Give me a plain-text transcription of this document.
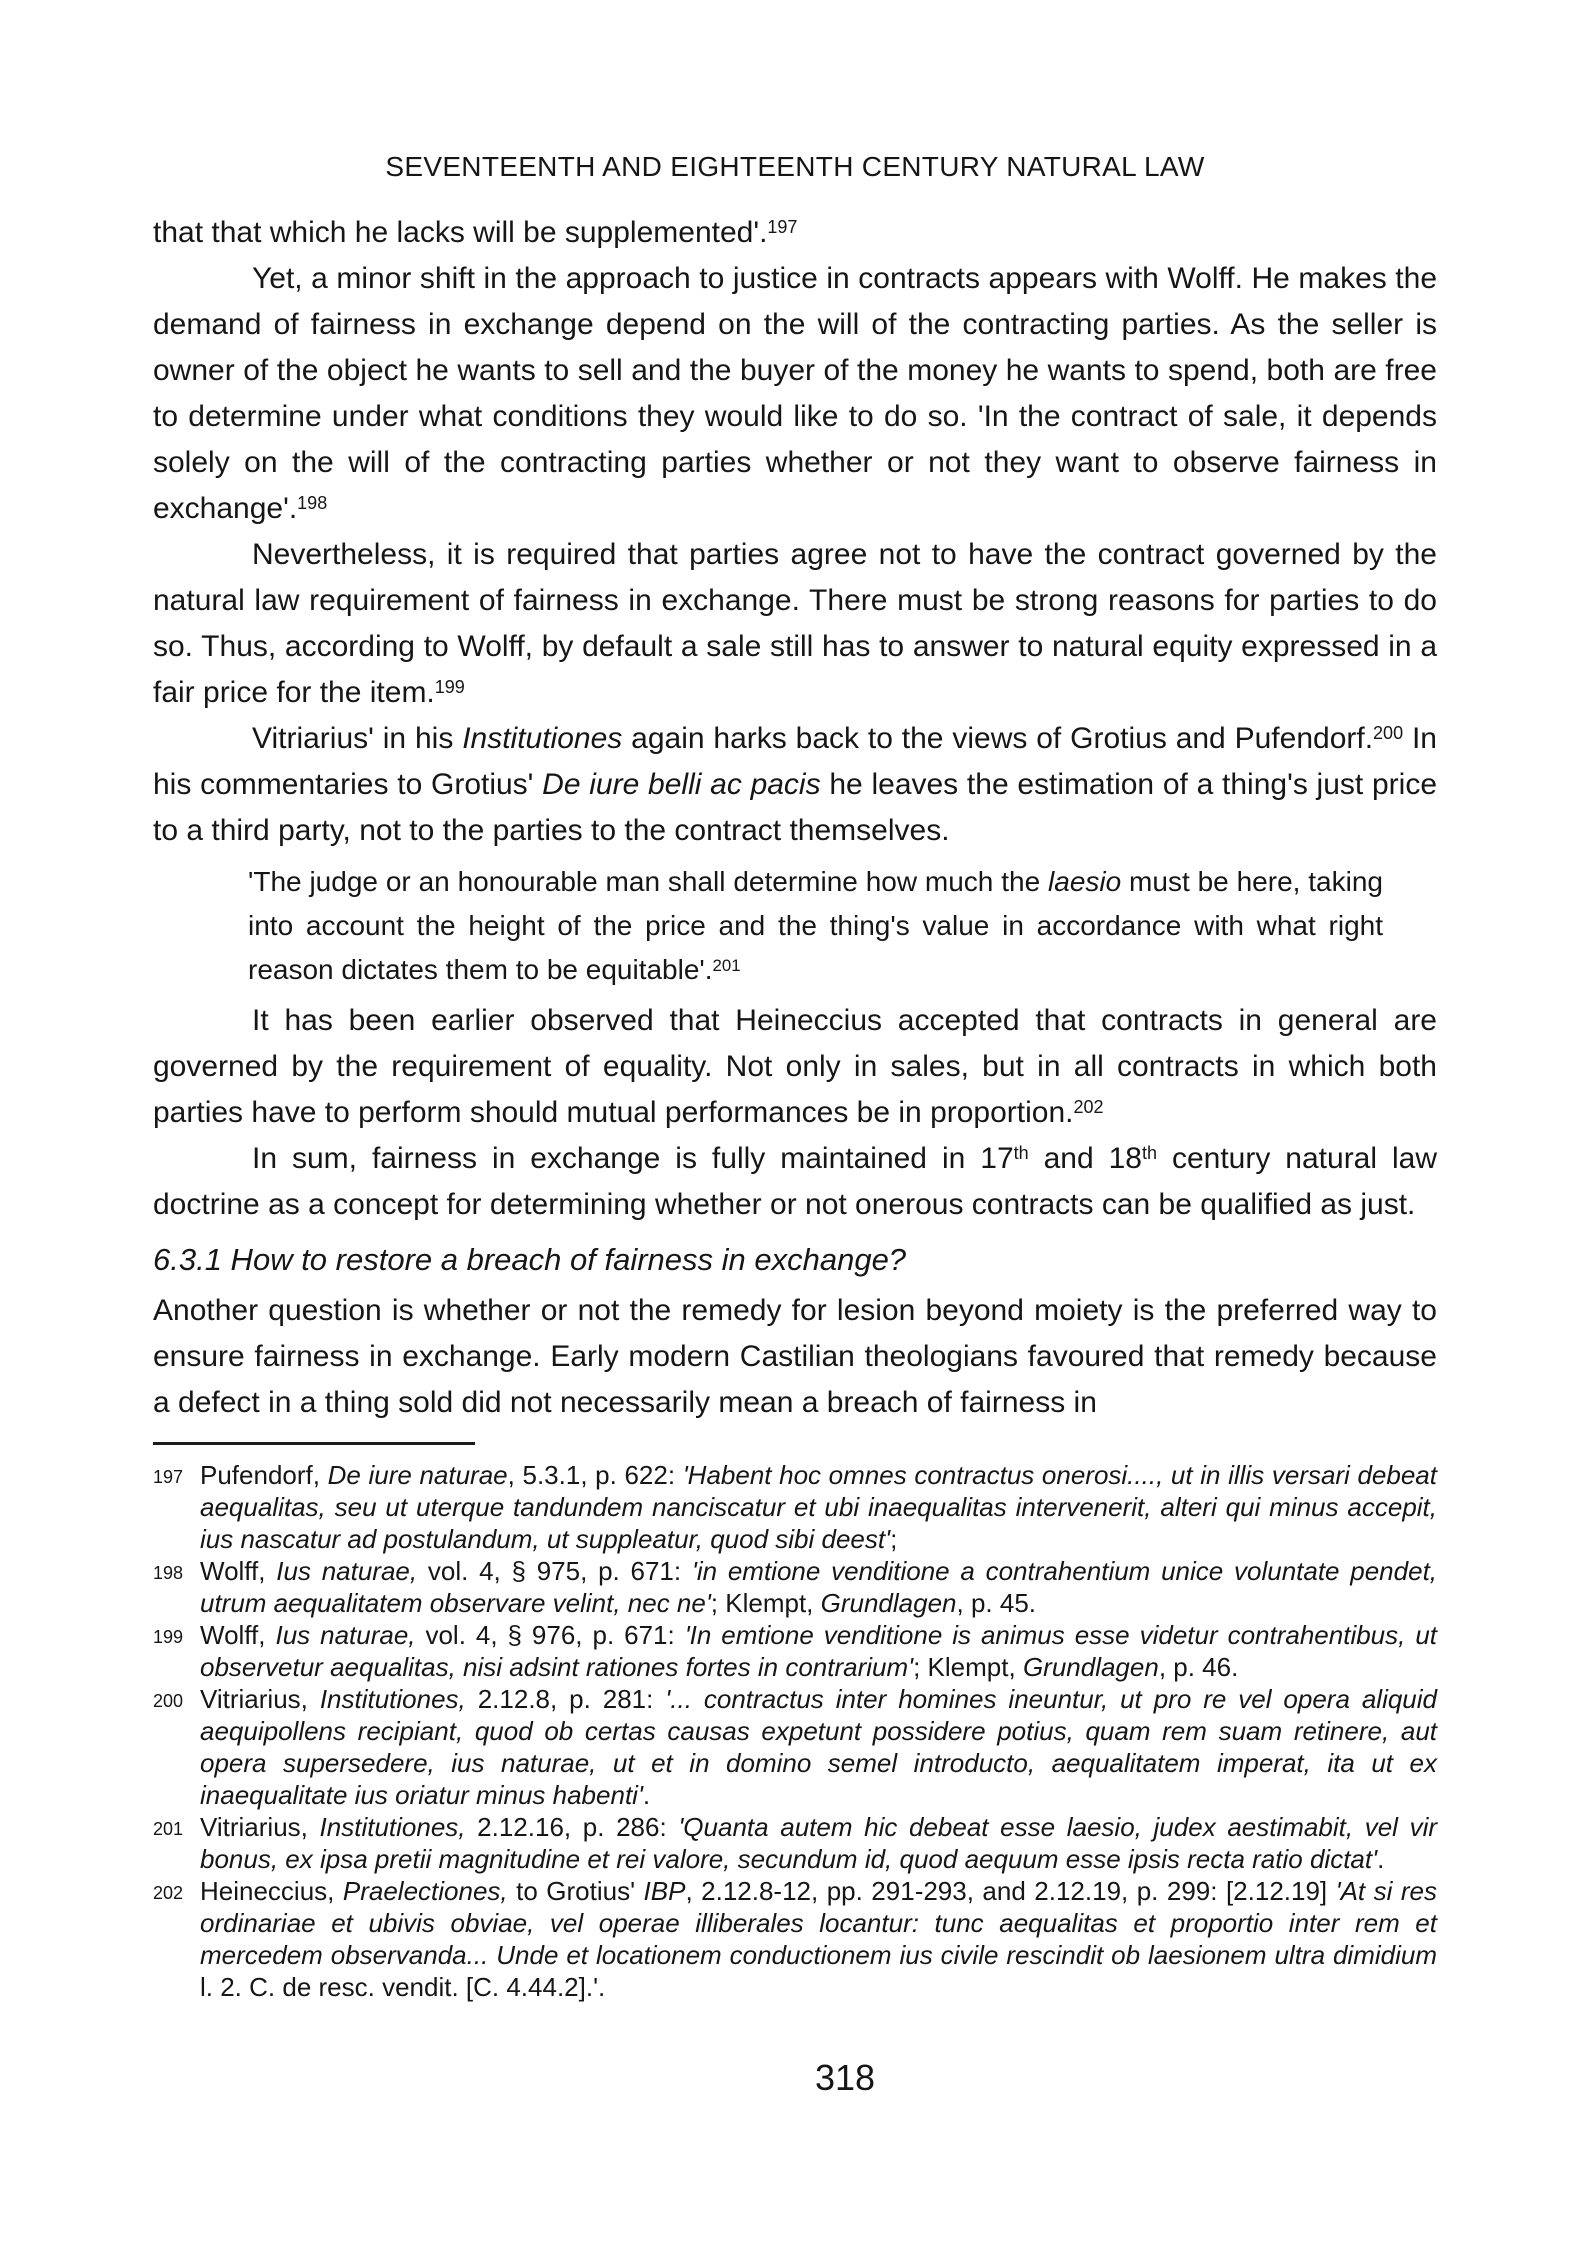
SEVENTEENTH AND EIGHTEENTH CENTURY NATURAL LAW

that that which he lacks will be supplemented'.$^{197}$

Yet, a minor shift in the approach to justice in contracts appears with Wolff. He makes the demand of fairness in exchange depend on the will of the contracting parties. As the seller is owner of the object he wants to sell and the buyer of the money he wants to spend, both are free to determine under what conditions they would like to do so. 'In the contract of sale, it depends solely on the will of the contracting parties whether or not they want to observe fairness in exchange'.$^{198}$

Nevertheless, it is required that parties agree not to have the contract governed by the natural law requirement of fairness in exchange. There must be strong reasons for parties to do so. Thus, according to Wolff, by default a sale still has to answer to natural equity expressed in a fair price for the item.$^{199}$

Vitriarius' in his Institutiones again harks back to the views of Grotius and Pufendorf.$^{200}$ In his commentaries to Grotius' De iure belli ac pacis he leaves the estimation of a thing's just price to a third party, not to the parties to the contract themselves.

'The judge or an honourable man shall determine how much the laesio must be here, taking into account the height of the price and the thing's value in accordance with what right reason dictates them to be equitable'.$^{201}$

It has been earlier observed that Heineccius accepted that contracts in general are governed by the requirement of equality. Not only in sales, but in all contracts in which both parties have to perform should mutual performances be in proportion.$^{202}$

In sum, fairness in exchange is fully maintained in 17th and 18th century natural law doctrine as a concept for determining whether or not onerous contracts can be qualified as just.

6.3.1 How to restore a breach of fairness in exchange?

Another question is whether or not the remedy for lesion beyond moiety is the preferred way to ensure fairness in exchange. Early modern Castilian theologians favoured that remedy because a defect in a thing sold did not necessarily mean a breach of fairness in

197 Pufendorf, De iure naturae, 5.3.1, p. 622: 'Habent hoc omnes contractus onerosi...., ut in illis versari debeat aequalitas, seu ut uterque tandundem nanciscatur et ubi inaequalitas intervenerit, alteri qui minus accepit, ius nascatur ad postulandum, ut suppleatur, quod sibi deest';
198 Wolff, Ius naturae, vol. 4, § 975, p. 671: 'in emtione venditione a contrahentium unice voluntate pendet, utrum aequalitatem observare velint, nec ne'; Klempt, Grundlagen, p. 45.
199 Wolff, Ius naturae, vol. 4, § 976, p. 671: 'In emtione venditione is animus esse videtur contrahentibus, ut observetur aequalitas, nisi adsint rationes fortes in contrarium'; Klempt, Grundlagen, p. 46.
200 Vitriarius, Institutiones, 2.12.8, p. 281: '... contractus inter homines ineuntur, ut pro re vel opera aliquid aequipollens recipiant, quod ob certas causas expetunt possidere potius, quam rem suam retinere, aut opera supersedere, ius naturae, ut et in domino semel introducto, aequalitatem imperat, ita ut ex inaequalitate ius oriatur minus habenti'.
201 Vitriarius, Institutiones, 2.12.16, p. 286: 'Quanta autem hic debeat esse laesio, judex aestimabit, vel vir bonus, ex ipsa pretii magnitudine et rei valore, secundum id, quod aequum esse ipsis recta ratio dictat'.
202 Heineccius, Praelectiones, to Grotius' IBP, 2.12.8-12, pp. 291-293, and 2.12.19, p. 299: [2.12.19] 'At si res ordinariae et ubivis obviae, vel operae illiberales locantur: tunc aequalitas et proportio inter rem et mercedem observanda... Unde et locationem conductionem ius civile rescindit ob laesionem ultra dimidium l. 2. C. de resc. vendit. [C. 4.44.2].'.
318
